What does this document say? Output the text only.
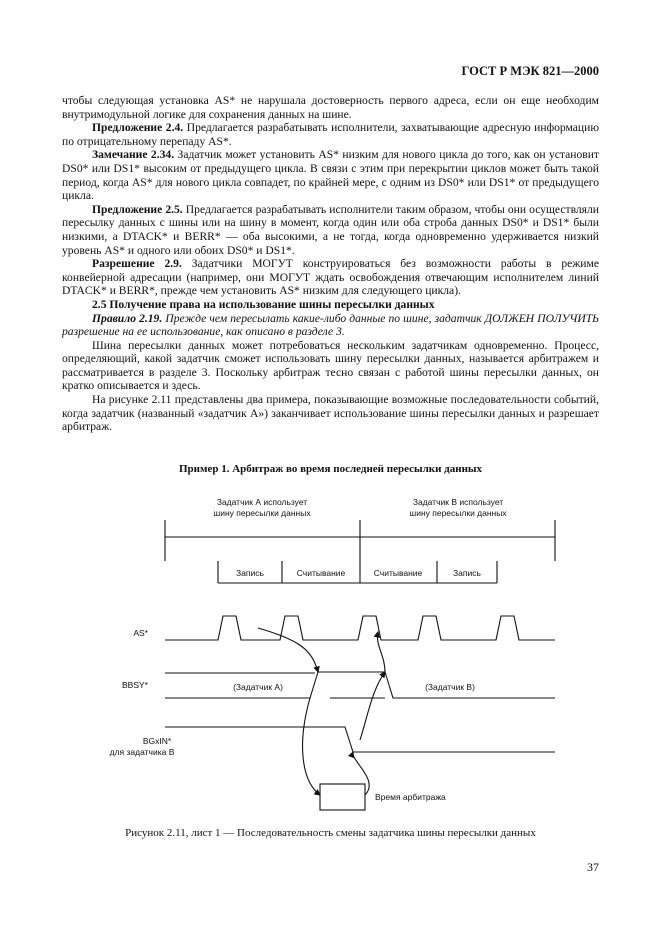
ГОСТ Р МЭК 821—2000

чтобы следующая установка AS* не нарушала достоверность первого адреса, если он еще необходим внутримодульной логике для сохранения данных на шине.

Предложение 2.4. Предлагается разрабатывать исполнители, захватывающие адресную информацию по отрицательному перепаду AS*.

Замечание 2.34. Задатчик может установить AS* низким для нового цикла до того, как он установит DS0* или DS1* высоким от предыдущего цикла. В связи с этим при перекрытии циклов может быть такой период, когда AS* для нового цикла совпадет, по крайней мере, с одним из DS0* или DS1* от предыдущего цикла.

Предложение 2.5. Предлагается разрабатывать исполнители таким образом, чтобы они осуществляли пересылку данных с шины или на шину в момент, когда один или оба строба данных DS0* и DS1* были низкими, а DTACK* и BERR* — оба высокими, а не тогда, когда одновременно удерживается низкий уровень AS* и одного или обоих DS0* и DS1*.

Разрешение 2.9. Задатчики МОГУТ конструироваться без возможности работы в режиме конвейерной адресации (например, они МОГУТ ждать освобождения отвечающим исполнителем линий DTACK* и BERR*, прежде чем установить AS* низким для следующего цикла).

2.5 Получение права на использование шины пересылки данных

Правило 2.19. Прежде чем пересылать какие-либо данные по шине, задатчик ДОЛЖЕН ПОЛУЧИТЬ разрешение на ее использование, как описано в разделе 3.

Шина пересылки данных может потребоваться нескольким задатчикам одновременно. Процесс, определяющий, какой задатчик сможет использовать шину пересылки данных, называется арбитражем и рассматривается в разделе 3. Поскольку арбитраж тесно связан с работой шины пересылки данных, он кратко описывается и здесь.

На рисунке 2.11 представлены два примера, показывающие возможные последовательности событий, когда задатчик (названный «задатчик А») заканчивает использование шины пересылки данных и разрешает арбитраж.

Пример 1. Арбитраж во время последней пересылки данных
Задатчик А использует
шину пересылки данных
Задатчик В использует
шину пересылки данных
Запись	Считывание	Считывание	Запись
AS*
BBSY*	(Задатчик А)	(Задатчик В)
BGxIN*
для задатчика В
Время арбитража
Рисунок 2.11, лист 1 — Последовательность смены задатчика шины пересылки данных
37
